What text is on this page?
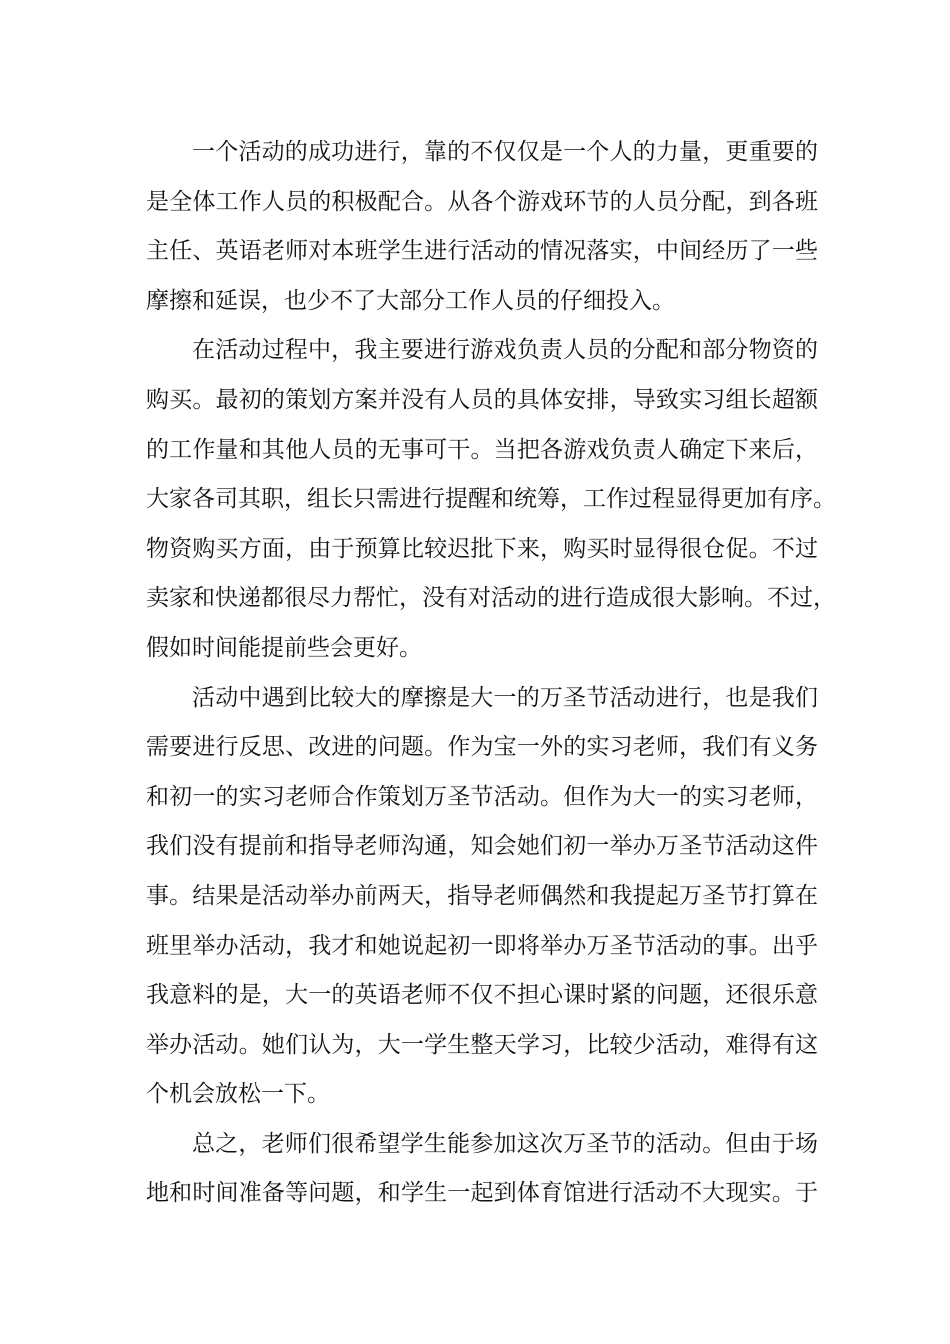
一个活动的成功进行，靠的不仅仅是一个人的力量，更重要的
是全体工作人员的积极配合。从各个游戏环节的人员分配，到各班
主任、英语老师对本班学生进行活动的情况落实，中间经历了一些
摩擦和延误，也少不了大部分工作人员的仔细投入。
在活动过程中，我主要进行游戏负责人员的分配和部分物资的
购买。最初的策划方案并没有人员的具体安排，导致实习组长超额
的工作量和其他人员的无事可干。当把各游戏负责人确定下来后，
大家各司其职，组长只需进行提醒和统筹，工作过程显得更加有序。
物资购买方面，由于预算比较迟批下来，购买时显得很仓促。不过
卖家和快递都很尽力帮忙，没有对活动的进行造成很大影响。不过，
假如时间能提前些会更好。
活动中遇到比较大的摩擦是大一的万圣节活动进行，也是我们
需要进行反思、改进的问题。作为宝一外的实习老师，我们有义务
和初一的实习老师合作策划万圣节活动。但作为大一的实习老师，
我们没有提前和指导老师沟通，知会她们初一举办万圣节活动这件
事。结果是活动举办前两天，指导老师偶然和我提起万圣节打算在
班里举办活动，我才和她说起初一即将举办万圣节活动的事。出乎
我意料的是，大一的英语老师不仅不担心课时紧的问题，还很乐意
举办活动。她们认为，大一学生整天学习，比较少活动，难得有这
个机会放松一下。
总之，老师们很希望学生能参加这次万圣节的活动。但由于场
地和时间准备等问题，和学生一起到体育馆进行活动不大现实。于
